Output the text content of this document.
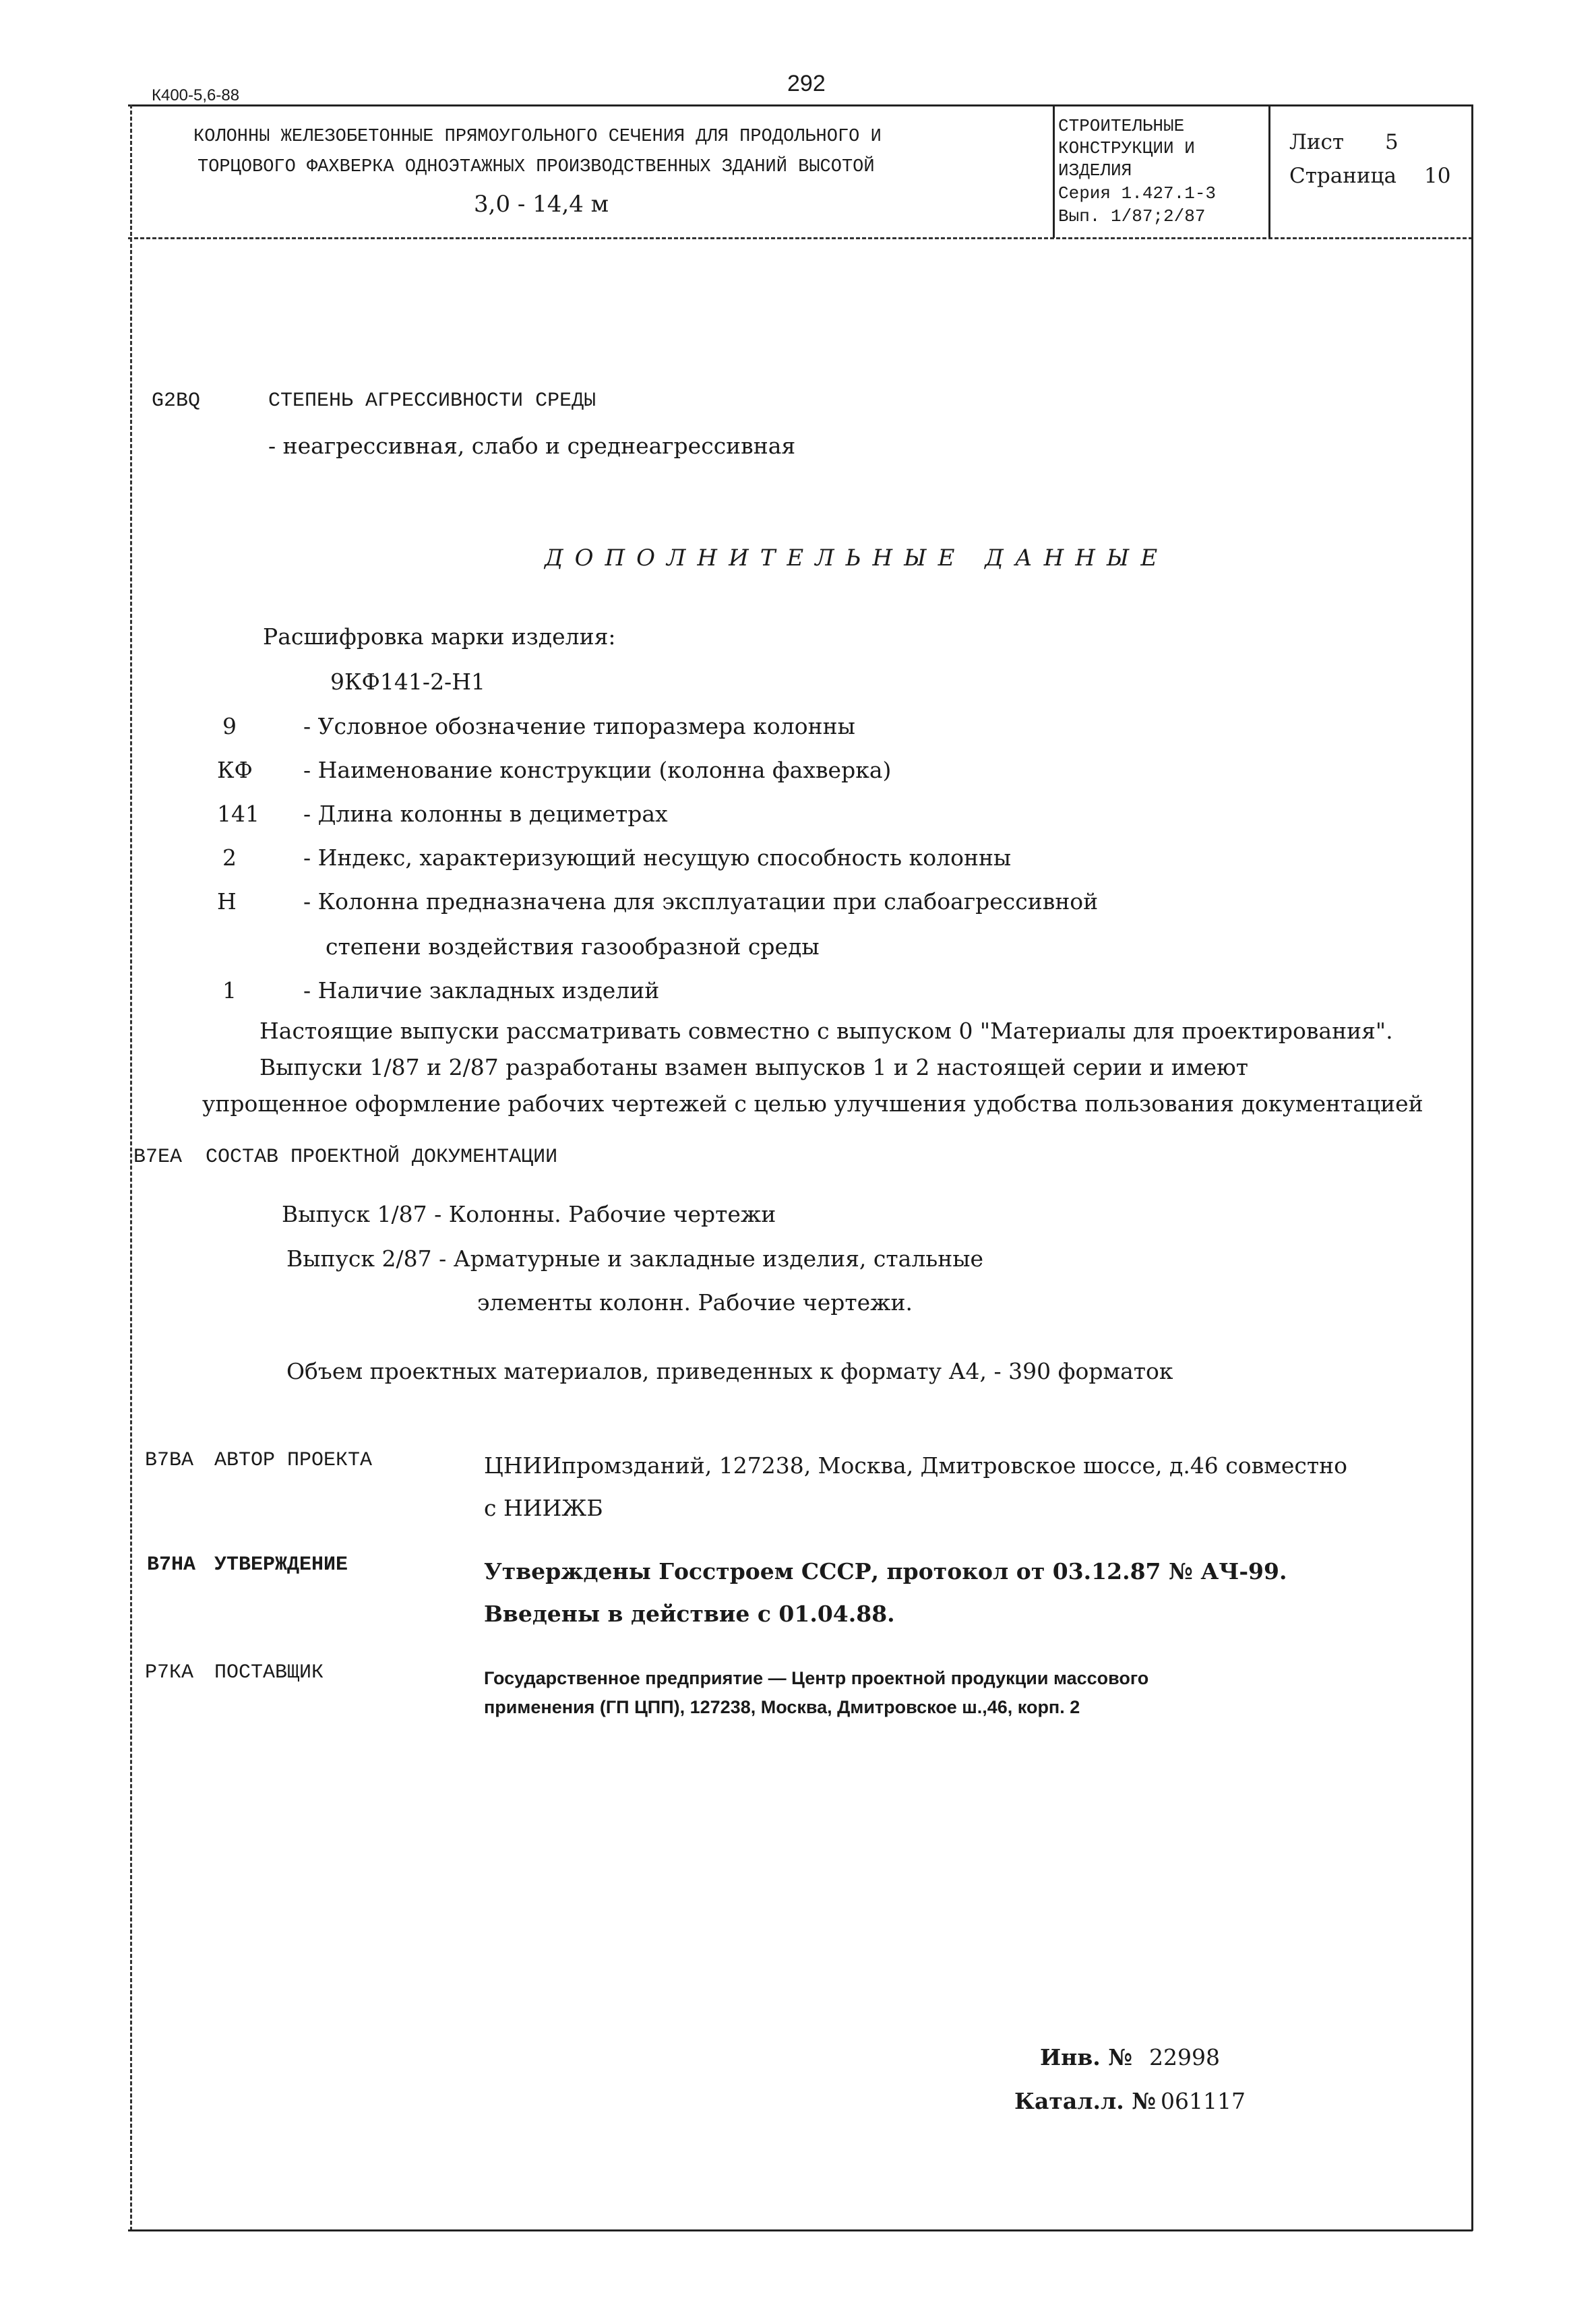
К400-5,6-88	292
КОЛОННЫ ЖЕЛЕЗОБЕТОННЫЕ ПРЯМОУГОЛЬНОГО СЕЧЕНИЯ ДЛЯ ПРОДОЛЬНОГО И
ТОРЦОВОГО ФАХВЕРКА ОДНОЭТАЖНЫХ ПРОИЗВОДСТВЕННЫХ ЗДАНИЙ ВЫСОТОЙ
3,0 - 14,4 м
СТРОИТЕЛЬНЫЕ
КОНСТРУКЦИИ И
ИЗДЕЛИЯ
Серия 1.427.1-3
Вып. 1/87;2/87
Лист 5
Страница 10
G2BQ	СТЕПЕНЬ АГРЕССИВНОСТИ СРЕДЫ
- неагрессивная, слабо и среднеагрессивная
ДОПОЛНИТЕЛЬНЫЕ ДАННЫЕ
Расшифровка марки изделия:
9КФ141-2-Н1
9	- Условное обозначение типоразмера колонны
КФ - Наименование конструкции (колонна фахверка)
141 - Длина колонны в дециметрах
2	- Индекс, характеризующий несущую способность колонны
Н	- Колонна предназначена для эксплуатации при слабоагрессивной
степени воздействия газообразной среды
1	- Наличие закладных изделий
Настоящие выпуски рассматривать совместно с выпуском 0 "Материалы для проектирования".
Выпуски 1/87 и 2/87 разработаны взамен выпусков 1 и 2 настоящей серии и имеют
упрощенное оформление рабочих чертежей с целью улучшения удобства пользования документацией
В7ЕА СОСТАВ ПРОЕКТНОЙ ДОКУМЕНТАЦИИ
Выпуск 1/87 - Колонны. Рабочие чертежи
Выпуск 2/87 - Арматурные и закладные изделия, стальные
элементы колонн. Рабочие чертежи.
Объем проектных материалов, приведенных к формату А4, - 390 форматок
В7ВА АВТОР ПРОЕКТА	ЦНИИпромзданий, 127238, Москва, Дмитровское шоссе, д.46 совместно
с НИИЖБ
В7НА УТВЕРЖДЕНИЕ	Утверждены Госстроем СССР, протокол от 03.12.87 № АЧ-99.
Введены в действие с 01.04.88.
Р7КА ПОСТАВЩИК	Государственное предприятие — Центр проектной продукции массового
применения (ГП ЦПП), 127238, Москва, Дмитровское ш.,46, корп. 2
Инв. № 22998
Катал.л. № 061117
